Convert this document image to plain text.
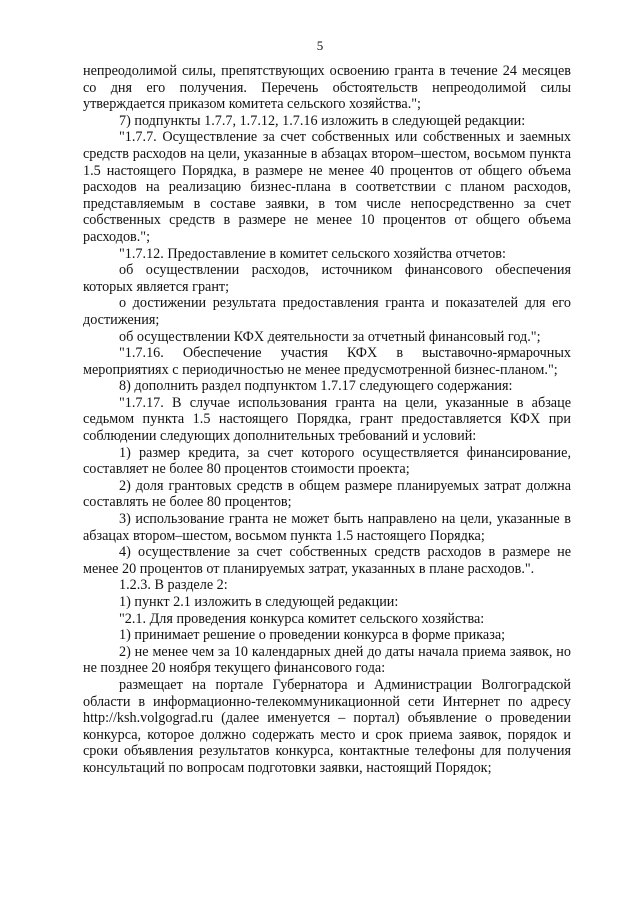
5

непреодолимой силы, препятствующих освоению гранта в течение 24 месяцев со дня его получения. Перечень обстоятельств непреодолимой силы утверждается приказом комитета сельского хозяйства.";

7) подпункты 1.7.7, 1.7.12, 1.7.16 изложить в следующей редакции:

"1.7.7. Осуществление за счет собственных или собственных и заемных средств расходов на цели, указанные в абзацах втором–шестом, восьмом пункта 1.5 настоящего Порядка, в размере не менее 40 процентов от общего объема расходов на реализацию бизнес-плана в соответствии с планом расходов, представляемым в составе заявки, в том числе непосредственно за счет собственных средств в размере не менее 10 процентов от общего объема расходов.";

"1.7.12. Предоставление в комитет сельского хозяйства отчетов:

об осуществлении расходов, источником финансового обеспечения которых является грант;

о достижении результата предоставления гранта и показателей для его достижения;

об осуществлении КФХ деятельности за отчетный финансовый год.";

"1.7.16. Обеспечение участия КФХ в выставочно-ярмарочных мероприятиях с периодичностью не менее предусмотренной бизнес-планом.";

8) дополнить раздел подпунктом 1.7.17 следующего содержания:

"1.7.17. В случае использования гранта на цели, указанные в абзаце седьмом пункта 1.5 настоящего Порядка, грант предоставляется КФХ при соблюдении следующих дополнительных требований и условий:

1) размер кредита, за счет которого осуществляется финансирование, составляет не более 80 процентов стоимости проекта;

2) доля грантовых средств в общем размере планируемых затрат должна составлять не более 80 процентов;

3) использование гранта не может быть направлено на цели, указанные в абзацах втором–шестом, восьмом пункта 1.5 настоящего Порядка;

4) осуществление за счет собственных средств расходов в размере не менее 20 процентов от планируемых затрат, указанных в плане расходов.".

1.2.3. В разделе 2:

1) пункт 2.1 изложить в следующей редакции:

"2.1. Для проведения конкурса комитет сельского хозяйства:

1) принимает решение о проведении конкурса в форме приказа;

2) не менее чем за 10 календарных дней до даты начала приема заявок, но не позднее 20 ноября текущего финансового года:

размещает на портале Губернатора и Администрации Волгоградской области в информационно-телекоммуникационной сети Интернет по адресу http://ksh.volgograd.ru (далее именуется – портал) объявление о проведении конкурса, которое должно содержать место и срок приема заявок, порядок и сроки объявления результатов конкурса, контактные телефоны для получения консультаций по вопросам подготовки заявки, настоящий Порядок;
